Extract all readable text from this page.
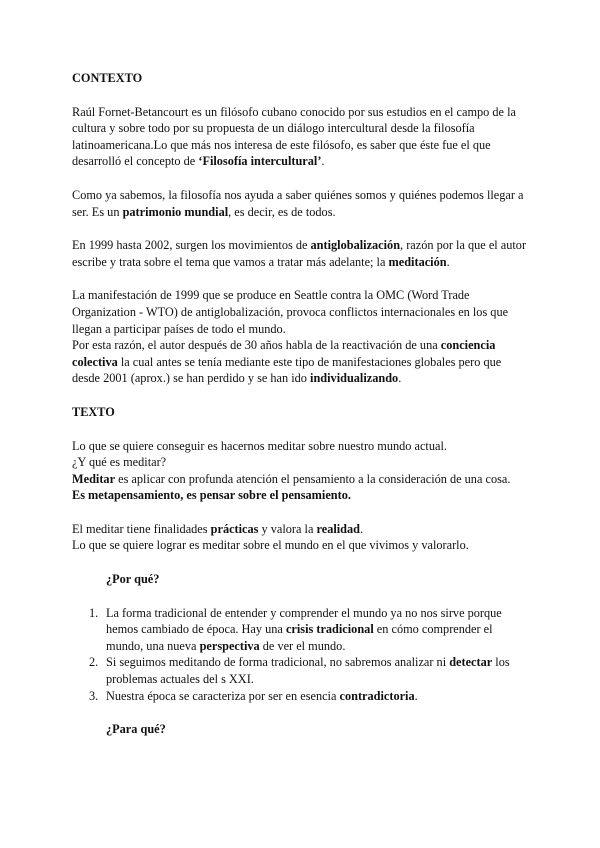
CONTEXTO

Raúl Fornet-Betancourt es un filósofo cubano conocido por sus estudios en el campo de la cultura y sobre todo por su propuesta de un diálogo intercultural desde la filosofía latinoamericana.Lo que más nos interesa de este filósofo, es saber que éste fue el que desarrolló el concepto de ‘Filosofía intercultural’.

Como ya sabemos, la filosofía nos ayuda a saber quiénes somos y quiénes podemos llegar a ser. Es un patrimonio mundial, es decir, es de todos.

En 1999 hasta 2002, surgen los movimientos de antiglobalización, razón por la que el autor escribe y trata sobre el tema que vamos a tratar más adelante; la meditación.

La manifestación de 1999 que se produce en Seattle contra la OMC (Word Trade Organization - WTO) de antiglobalización, provoca conflictos internacionales en los que llegan a participar países de todo el mundo.

Por esta razón, el autor después de 30 años habla de la reactivación de una conciencia colectiva la cual antes se tenía mediante este tipo de manifestaciones globales pero que desde 2001 (aprox.) se han perdido y se han ido individualizando.

TEXTO

Lo que se quiere conseguir es hacernos meditar sobre nuestro mundo actual.

¿Y qué es meditar?

Meditar es aplicar con profunda atención el pensamiento a la consideración de una cosa.

Es metapensamiento, es pensar sobre el pensamiento.

El meditar tiene finalidades prácticas y valora la realidad.

Lo que se quiere lograr es meditar sobre el mundo en el que vivimos y valorarlo.

¿Por qué?

1. La forma tradicional de entender y comprender el mundo ya no nos sirve porque hemos cambiado de época. Hay una crisis tradicional en cómo comprender el mundo, una nueva perspectiva de ver el mundo.
2. Si seguimos meditando de forma tradicional, no sabremos analizar ni detectar los problemas actuales del s XXI.
3. Nuestra época se caracteriza por ser en esencia contradictoria.

¿Para qué?
